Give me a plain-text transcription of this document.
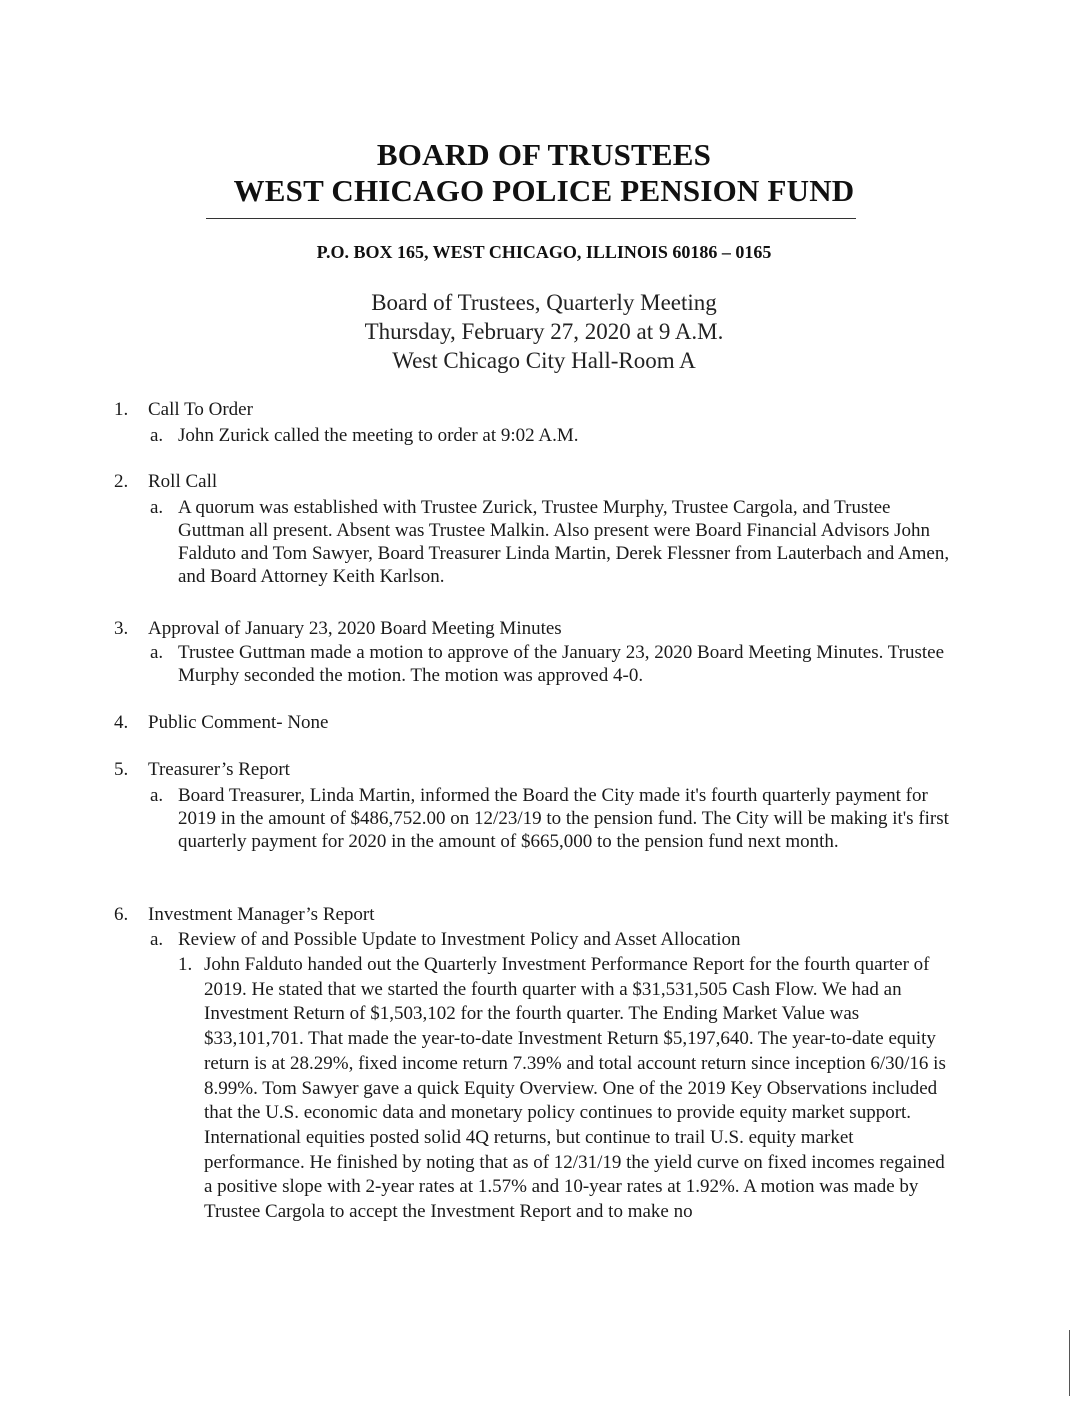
BOARD OF TRUSTEES
WEST CHICAGO POLICE PENSION FUND
P.O. BOX 165, WEST CHICAGO, ILLINOIS 60186 – 0165
Board of Trustees, Quarterly Meeting
Thursday, February 27, 2020 at 9 A.M.
West Chicago City Hall-Room A
1. Call To Order
a. John Zurick called the meeting to order at 9:02 A.M.
2. Roll Call
a. A quorum was established with Trustee Zurick, Trustee Murphy, Trustee Cargola, and Trustee Guttman all present. Absent was Trustee Malkin. Also present were Board Financial Advisors John Falduto and Tom Sawyer, Board Treasurer Linda Martin, Derek Flessner from Lauterbach and Amen, and Board Attorney Keith Karlson.
3. Approval of January 23, 2020 Board Meeting Minutes
a. Trustee Guttman made a motion to approve of the January 23, 2020 Board Meeting Minutes. Trustee Murphy seconded the motion. The motion was approved 4-0.
4. Public Comment- None
5. Treasurer’s Report
a. Board Treasurer, Linda Martin, informed the Board the City made it's fourth quarterly payment for 2019 in the amount of $486,752.00 on 12/23/19 to the pension fund. The City will be making it's first quarterly payment for 2020 in the amount of $665,000 to the pension fund next month.
6. Investment Manager’s Report
a. Review of and Possible Update to Investment Policy and Asset Allocation
1. John Falduto handed out the Quarterly Investment Performance Report for the fourth quarter of 2019. He stated that we started the fourth quarter with a $31,531,505 Cash Flow. We had an Investment Return of $1,503,102 for the fourth quarter. The Ending Market Value was $33,101,701. That made the year-to-date Investment Return $5,197,640. The year-to-date equity return is at 28.29%, fixed income return 7.39% and total account return since inception 6/30/16 is 8.99%. Tom Sawyer gave a quick Equity Overview. One of the 2019 Key Observations included that the U.S. economic data and monetary policy continues to provide equity market support. International equities posted solid 4Q returns, but continue to trail U.S. equity market performance. He finished by noting that as of 12/31/19 the yield curve on fixed incomes regained a positive slope with 2-year rates at 1.57% and 10-year rates at 1.92%. A motion was made by Trustee Cargola to accept the Investment Report and to make no
